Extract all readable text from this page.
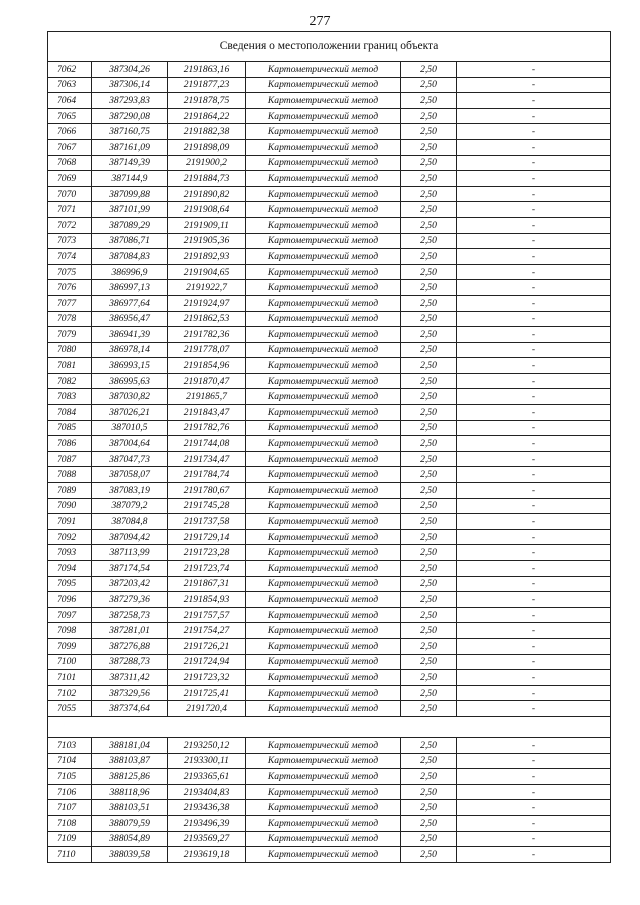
277
Сведения о местоположении границ объекта					
7062	387304,26	2191863,16	Картометрический метод	2,50	-
7063	387306,14	2191877,23	Картометрический метод	2,50	-
7064	387293,83	2191878,75	Картометрический метод	2,50	-
7065	387290,08	2191864,22	Картометрический метод	2,50	-
7066	387160,75	2191882,38	Картометрический метод	2,50	-
7067	387161,09	2191898,09	Картометрический метод	2,50	-
7068	387149,39	2191900,2	Картометрический метод	2,50	-
7069	387144,9	2191884,73	Картометрический метод	2,50	-
7070	387099,88	2191890,82	Картометрический метод	2,50	-
7071	387101,99	2191908,64	Картометрический метод	2,50	-
7072	387089,29	2191909,11	Картометрический метод	2,50	-
7073	387086,71	2191905,36	Картометрический метод	2,50	-
7074	387084,83	2191892,93	Картометрический метод	2,50	-
7075	386996,9	2191904,65	Картометрический метод	2,50	-
7076	386997,13	2191922,7	Картометрический метод	2,50	-
7077	386977,64	2191924,97	Картометрический метод	2,50	-
7078	386956,47	2191862,53	Картометрический метод	2,50	-
7079	386941,39	2191782,36	Картометрический метод	2,50	-
7080	386978,14	2191778,07	Картометрический метод	2,50	-
7081	386993,15	2191854,96	Картометрический метод	2,50	-
7082	386995,63	2191870,47	Картометрический метод	2,50	-
7083	387030,82	2191865,7	Картометрический метод	2,50	-
7084	387026,21	2191843,47	Картометрический метод	2,50	-
7085	387010,5	2191782,76	Картометрический метод	2,50	-
7086	387004,64	2191744,08	Картометрический метод	2,50	-
7087	387047,73	2191734,47	Картометрический метод	2,50	-
7088	387058,07	2191784,74	Картометрический метод	2,50	-
7089	387083,19	2191780,67	Картометрический метод	2,50	-
7090	387079,2	2191745,28	Картометрический метод	2,50	-
7091	387084,8	2191737,58	Картометрический метод	2,50	-
7092	387094,42	2191729,14	Картометрический метод	2,50	-
7093	387113,99	2191723,28	Картометрический метод	2,50	-
7094	387174,54	2191723,74	Картометрический метод	2,50	-
7095	387203,42	2191867,31	Картометрический метод	2,50	-
7096	387279,36	2191854,93	Картометрический метод	2,50	-
7097	387258,73	2191757,57	Картометрический метод	2,50	-
7098	387281,01	2191754,27	Картометрический метод	2,50	-
7099	387276,88	2191726,21	Картометрический метод	2,50	-
7100	387288,73	2191724,94	Картометрический метод	2,50	-
7101	387311,42	2191723,32	Картометрический метод	2,50	-
7102	387329,56	2191725,41	Картометрический метод	2,50	-
7055	387374,64	2191720,4	Картометрический метод	2,50	-

7103	388181,04	2193250,12	Картометрический метод	2,50	-
7104	388103,87	2193300,11	Картометрический метод	2,50	-
7105	388125,86	2193365,61	Картометрический метод	2,50	-
7106	388118,96	2193404,83	Картометрический метод	2,50	-
7107	388103,51	2193436,38	Картометрический метод	2,50	-
7108	388079,59	2193496,39	Картометрический метод	2,50	-
7109	388054,89	2193569,27	Картометрический метод	2,50	-
7110	388039,58	2193619,18	Картометрический метод	2,50	-
